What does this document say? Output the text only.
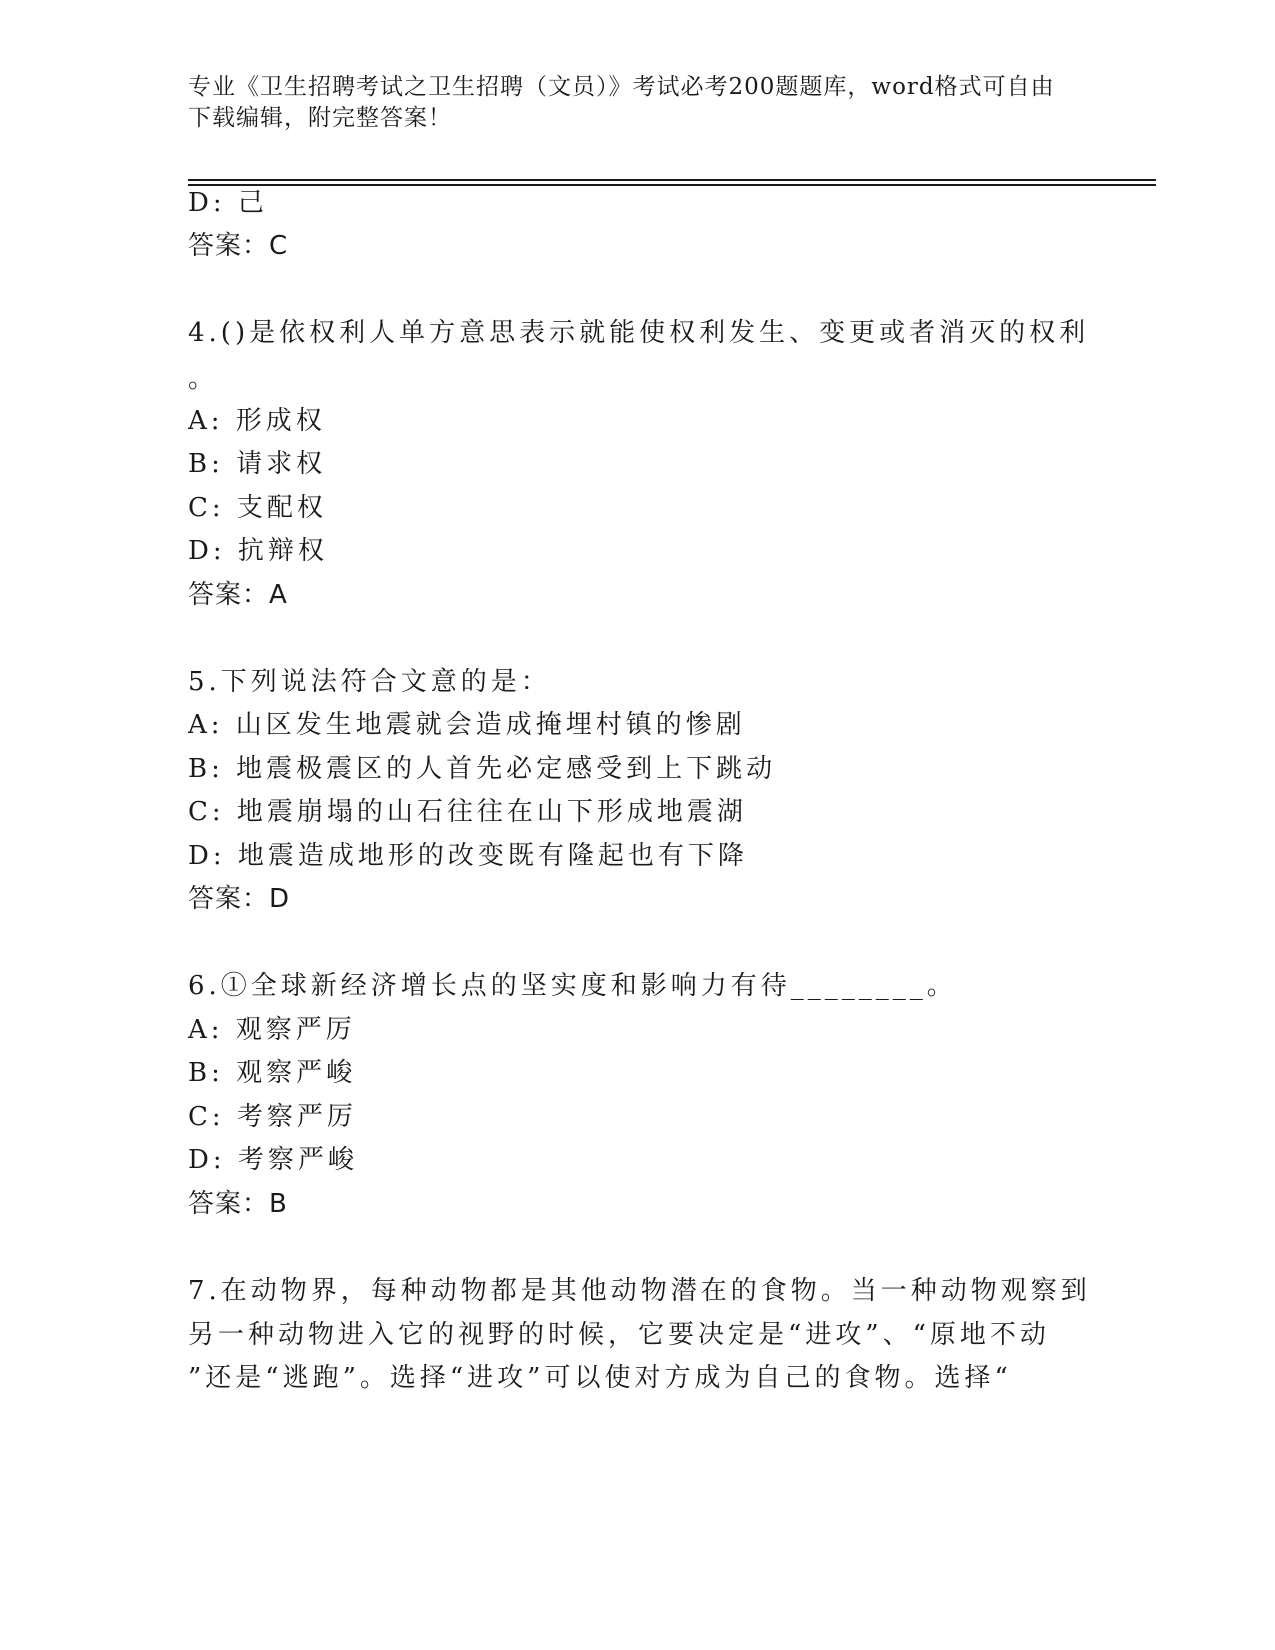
专业《卫生招聘考试之卫生招聘（文员）》考试必考200题题库，word格式可自由下载编辑，附完整答案！
D: 己
答案：C
4.()是依权利人单方意思表示就能使权利发生、变更或者消灭的权利
。
A: 形成权
B: 请求权
C: 支配权
D: 抗辩权
答案：A
5.下列说法符合文意的是：
A: 山区发生地震就会造成掩埋村镇的惨剧
B: 地震极震区的人首先必定感受到上下跳动
C: 地震崩塌的山石往往在山下形成地震湖
D: 地震造成地形的改变既有隆起也有下降
答案：D
6.①全球新经济增长点的坚实度和影响力有待________。
A: 观察严厉
B: 观察严峻
C: 考察严厉
D: 考察严峻
答案：B
7.在动物界，每种动物都是其他动物潜在的食物。当一种动物观察到
另一种动物进入它的视野的时候，它要决定是“进攻”、“原地不动
”还是“逃跑”。选择“进攻”可以使对方成为自己的食物。选择“
